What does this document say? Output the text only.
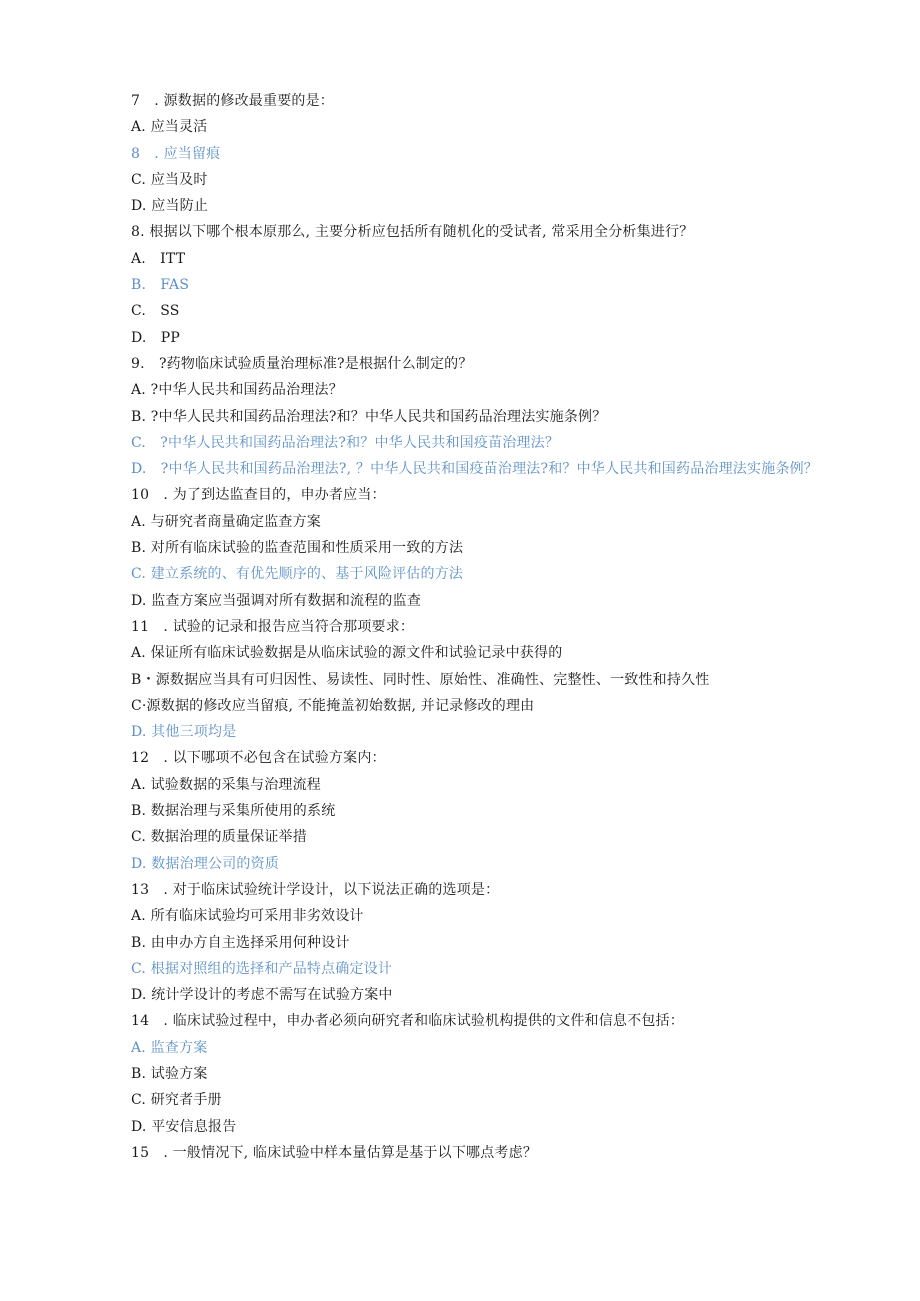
7　. 源数据的修改最重要的是：
A. 应当灵活
8　. 应当留痕
C. 应当及时
D. 应当防止
8. 根据以下哪个根本原那么, 主要分析应包括所有随机化的受试者, 常采用全分析集进行？
A.　ITT
B.　FAS
C.　SS
D.　PP
9.　?药物临床试验质量治理标准?是根据什么制定的？
A. ?中华人民共和国药品治理法？
B. ?中华人民共和国药品治理法?和？中华人民共和国药品治理法实施条例？
C.　?中华人民共和国药品治理法?和？中华人民共和国疫苗治理法？
D.　?中华人民共和国药品治理法?, ？中华人民共和国疫苗治理法?和？中华人民共和国药品治理法实施条例？
10　. 为了到达监查目的，申办者应当：
A. 与研究者商量确定监查方案
B. 对所有临床试验的监查范围和性质采用一致的方法
C. 建立系统的、有优先顺序的、基于风险评估的方法
D. 监查方案应当强调对所有数据和流程的监查
11　. 试验的记录和报告应当符合那项要求：
A. 保证所有临床试验数据是从临床试验的源文件和试验记录中获得的
B・源数据应当具有可归因性、易读性、同时性、原始性、准确性、完整性、一致性和持久性
C·源数据的修改应当留痕, 不能掩盖初始数据, 并记录修改的理由
D. 其他三项均是
12　. 以下哪项不必包含在试验方案内：
A. 试验数据的采集与治理流程
B. 数据治理与采集所使用的系统
C. 数据治理的质量保证举措
D. 数据治理公司的资质
13　. 对于临床试验统计学设计，以下说法正确的选项是：
A. 所有临床试验均可采用非劣效设计
B. 由申办方自主选择采用何种设计
C. 根据对照组的选择和产品特点确定设计
D. 统计学设计的考虑不需写在试验方案中
14　. 临床试验过程中，申办者必须向研究者和临床试验机构提供的文件和信息不包括：
A. 监查方案
B. 试验方案
C. 研究者手册
D. 平安信息报告
15　. 一般情况下, 临床试验中样本量估算是基于以下哪点考虑？
